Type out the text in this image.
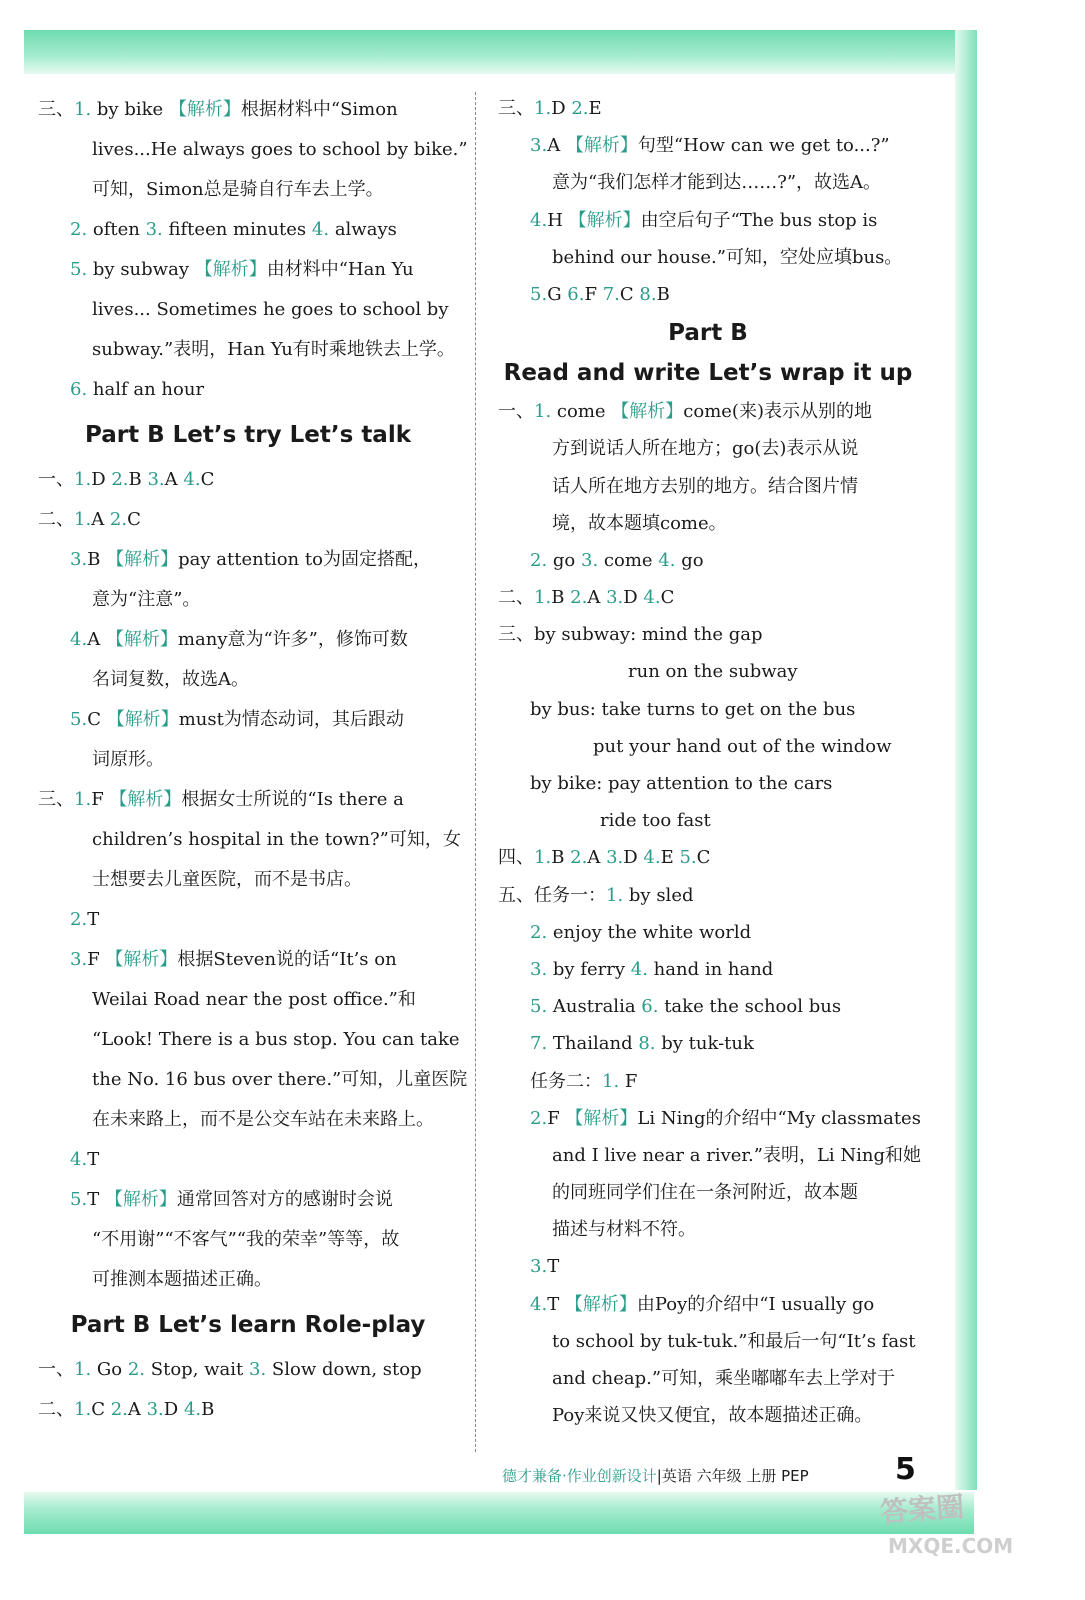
三、1. by bike 【 解析 】 根据材料中“Simon
lives...He always goes to school by bike.”
可知，Simon总是骑自行车去上学。
2. often 3. fifteen minutes 4. always
5. by subway 【 解析 】 由材料中“Han Yu
lives... Sometimes he goes to school by
subway.”表明，Han Yu有时乘地铁去上学。
6. half an hour
Part B Let’s try Let’s talk
一、1.D 2.B 3.A 4.C
二、1.A 2.C
3.B 【 解析 】 pay attention to为固定搭配，
意为“注意”。
4.A 【 解析 】 many意为“许多”，修饰可数
名词复数，故选A。
5.C 【 解析 】 must为情态动词，其后跟动
词原形。
三、1.F 【 解析 】 根据女士所说的“Is there a
children’s hospital in the town?”可知，女
士想要去儿童医院，而不是书店。
2.T
3.F 【 解析 】 根据Steven说的话“It’s on
Weilai Road near the post office.”和
“Look! There is a bus stop. You can take
the No. 16 bus over there.”可知，儿童医院
在未来路上，而不是公交车站在未来路上。
4.T
5.T 【 解析 】 通常回答对方的感谢时会说
“不用谢”“不客气”“我的荣幸”等等，故
可推测本题描述正确。
Part B Let’s learn Role-play
一、1. Go 2. Stop, wait 3. Slow down, stop
二、1.C 2.A 3.D 4.B
三、1.D 2.E
3.A 【 解析 】 句型“How can we get to...?”
意为“我们怎样才能到达……?”，故选A。
4.H 【 解析 】 由空后句子“The bus stop is
behind our house.”可知，空处应填bus。
5.G 6.F 7.C 8.B
Part B
Read and write Let’s wrap it up
一、1. come 【 解析 】 come(来)表示从别的地
方到说话人所在地方；go(去)表示从说
话人所在地方去别的地方。结合图片情
境，故本题填come。
2. go 3. come 4. go
二、1.B 2.A 3.D 4.C
三、by subway: mind the gap
run on the subway
by bus: take turns to get on the bus
put your hand out of the window
by bike: pay attention to the cars
ride too fast
四、1.B 2.A 3.D 4.E 5.C
五、任务一：1. by sled
2. enjoy the white world
3. by ferry 4. hand in hand
5. Australia 6. take the school bus
7. Thailand 8. by tuk-tuk
任务二：1. F
2.F 【 解析 】 Li Ning的介绍中“My classmates
and I live near a river.”表明，Li Ning和她
的同班同学们住在一条河附近，故本题
描述与材料不符。
3.T
4.T 【 解析 】 由Poy的介绍中“I usually go
to school by tuk-tuk.”和最后一句“It’s fast
and cheap.”可知，乘坐嘟嘟车去上学对于
Poy来说又快又便宜，故本题描述正确。
德才兼备·作业创新设计|英语 六年级 上册 PEP	5
答案圈
MXQE.COM
